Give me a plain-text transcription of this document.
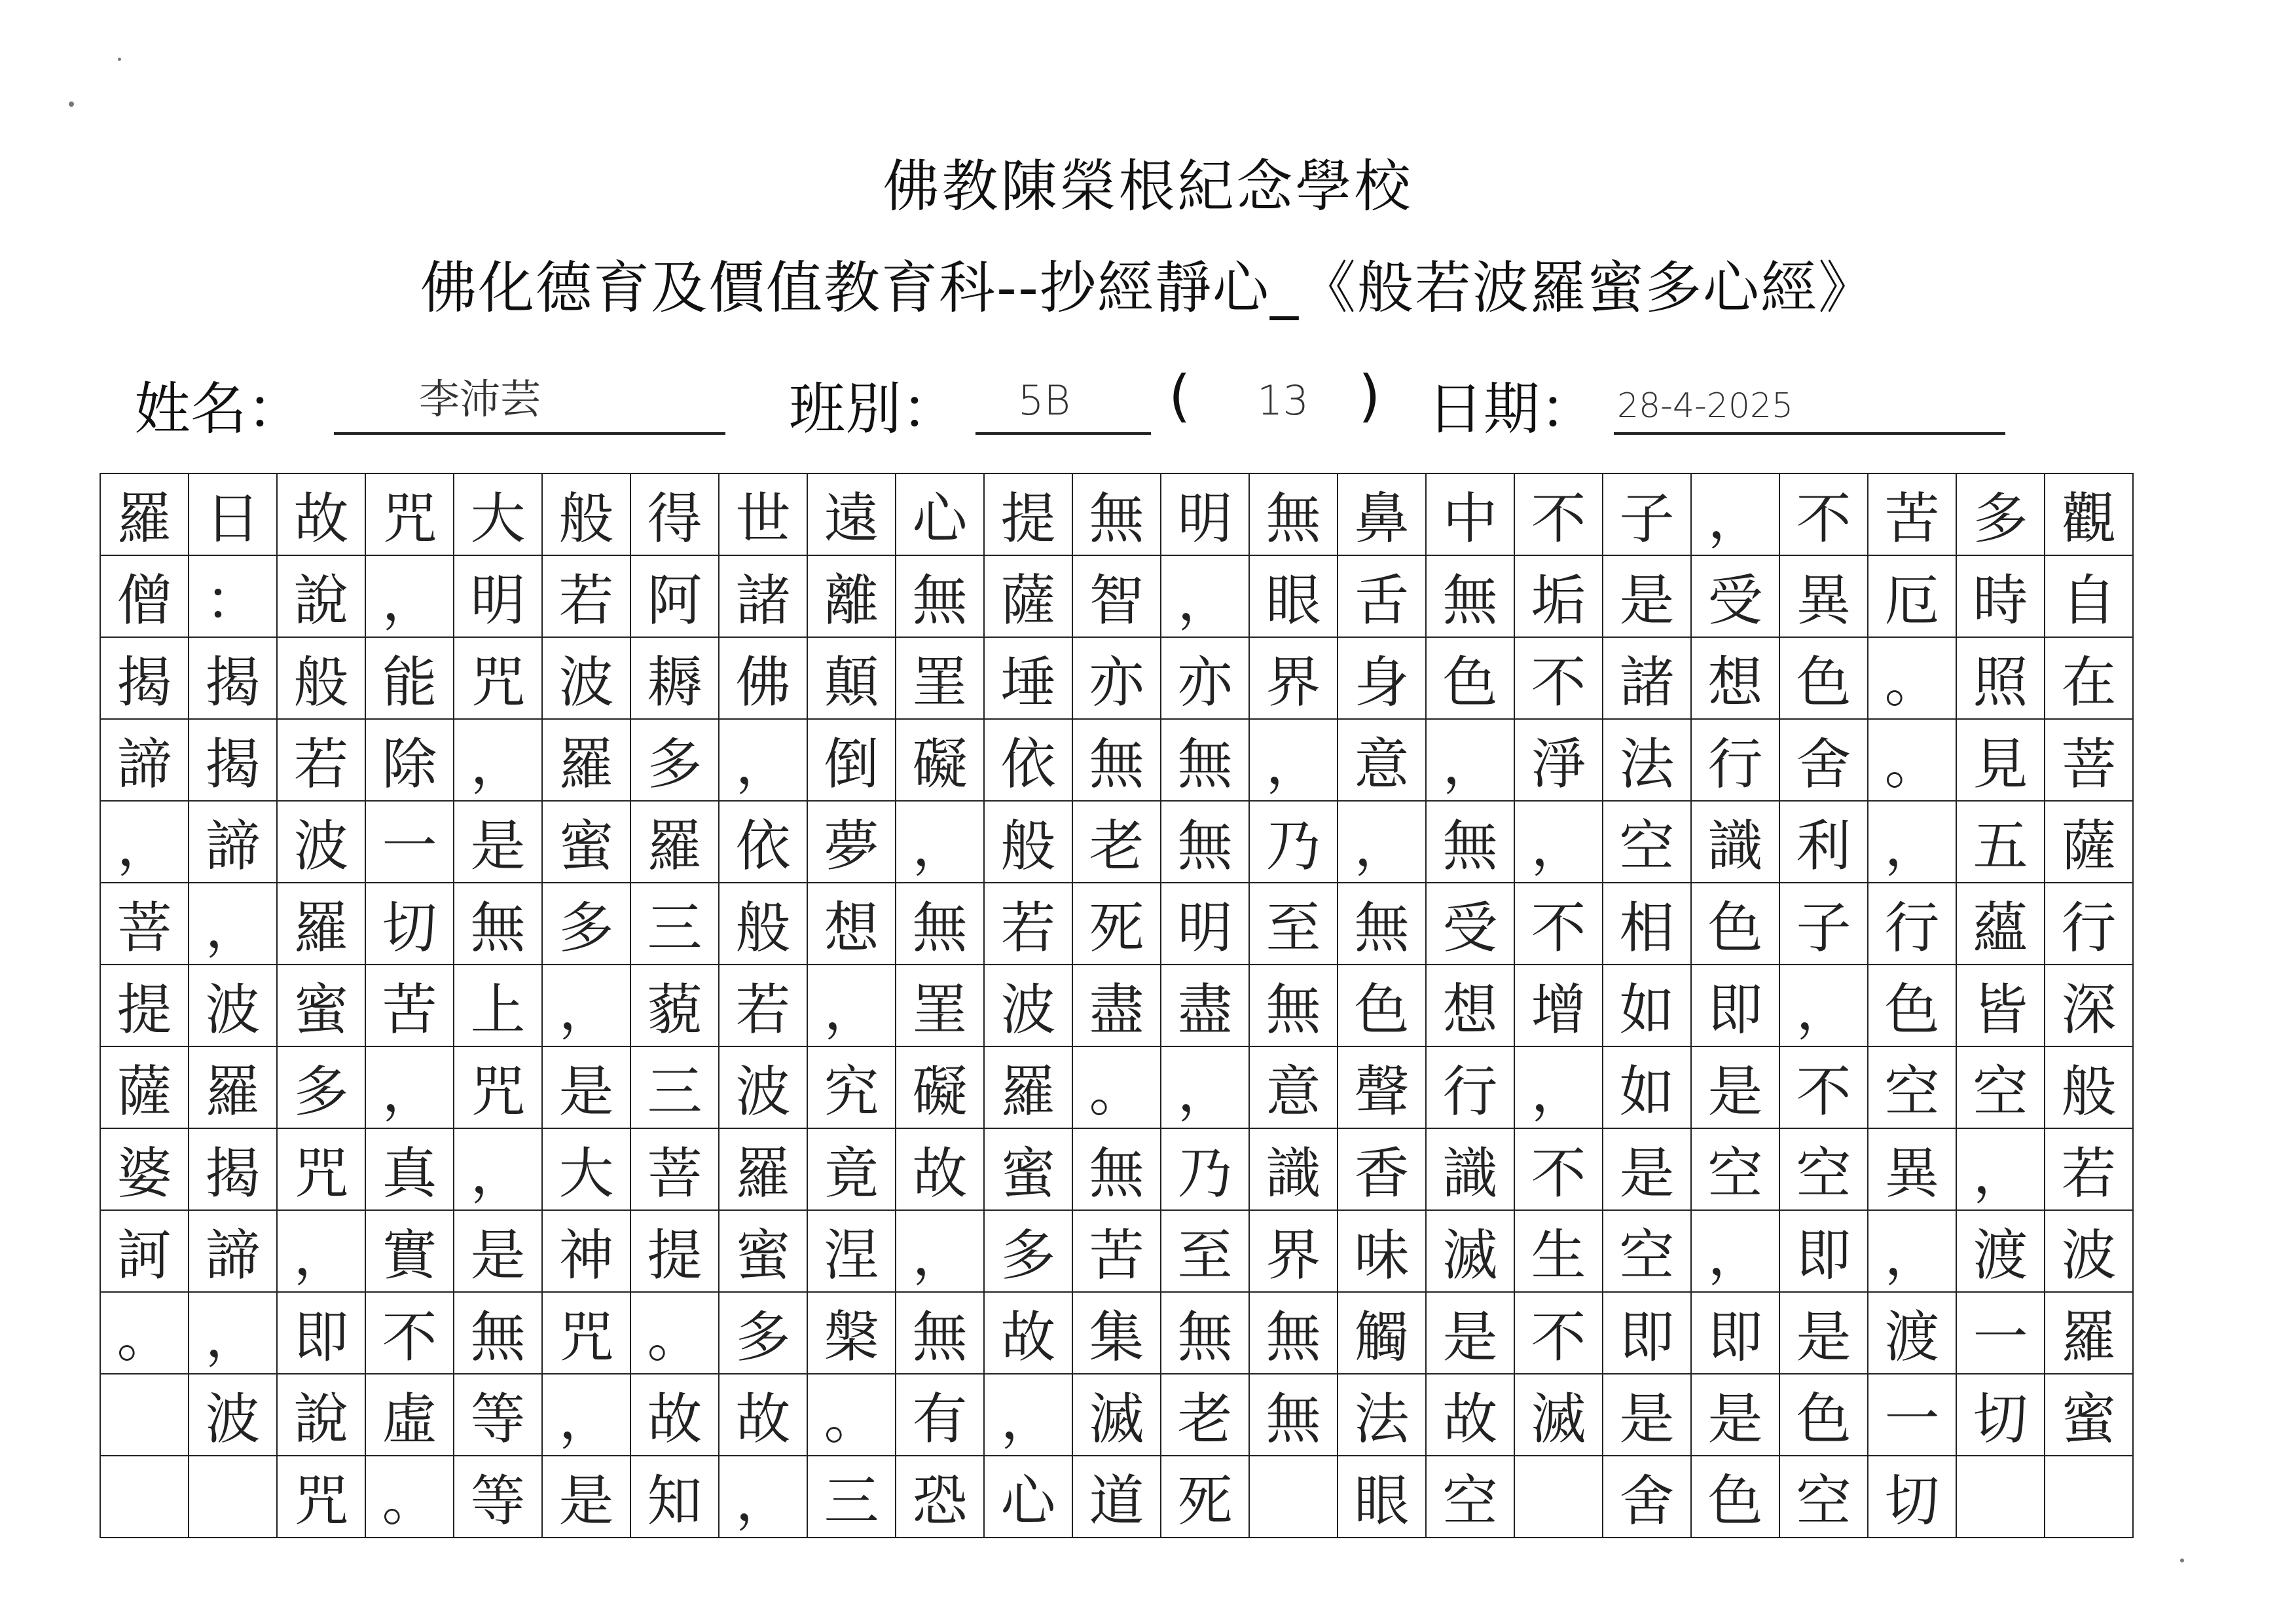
佛教陳榮根紀念學校
佛化德育及價值教育科--抄經靜心_《般若波羅蜜多心經》
姓名：	李沛芸	班別： 5B ( 13 ) 日期： 28-4-2025
羅	日	故	咒	大	般	得	世	遠	心	提	無	明	無	鼻	中	不	子	，	不	苦	多	觀
僧	：	說	，	明	若	阿	諸	離	無	薩	智	，	眼	舌	無	垢	是	受	異	厄	時	自
揭	揭	般	能	咒	波	耨	佛	顛	罣	埵	亦	亦	界	身	色	不	諸	想	色	。	照	在
諦	揭	若	除	，	羅	多	，	倒	礙	依	無	無	，	意	，	淨	法	行	舍	。	見	菩
，	諦	波	一	是	蜜	羅	依	夢	，	般	老	無	乃	，	無	，	空	識	利	，	五	薩
菩	，	羅	切	無	多	三	般	想	無	若	死	明	至	無	受	不	相	色	子	行	蘊	行
提	波	蜜	苦	上	，	藐	若	，	罣	波	盡	盡	無	色	想	增	如	即	，	色	皆	深
薩	羅	多	，	咒	是	三	波	究	礙	羅	。	，	意	聲	行	，	如	是	不	空	空	般
婆	揭	咒	真	，	大	菩	羅	竟	故	蜜	無	乃	識	香	識	不	是	空	空	異	，	若
訶	諦	，	實	是	神	提	蜜	涅	，	多	苦	至	界	味	滅	生	空	，	即	，	渡	波
。	，	即	不	無	咒	。	多	槃	無	故	集	無	無	觸	是	不	即	即	是	渡	一	羅
	波	說	虛	等	，	故	故	。	有	，	滅	老	無	法	故	滅	是	是	色	一	切	蜜
		咒	。	等	是	知	，	三	恐	心	道	死		眼	空		舍	色	空	切		
